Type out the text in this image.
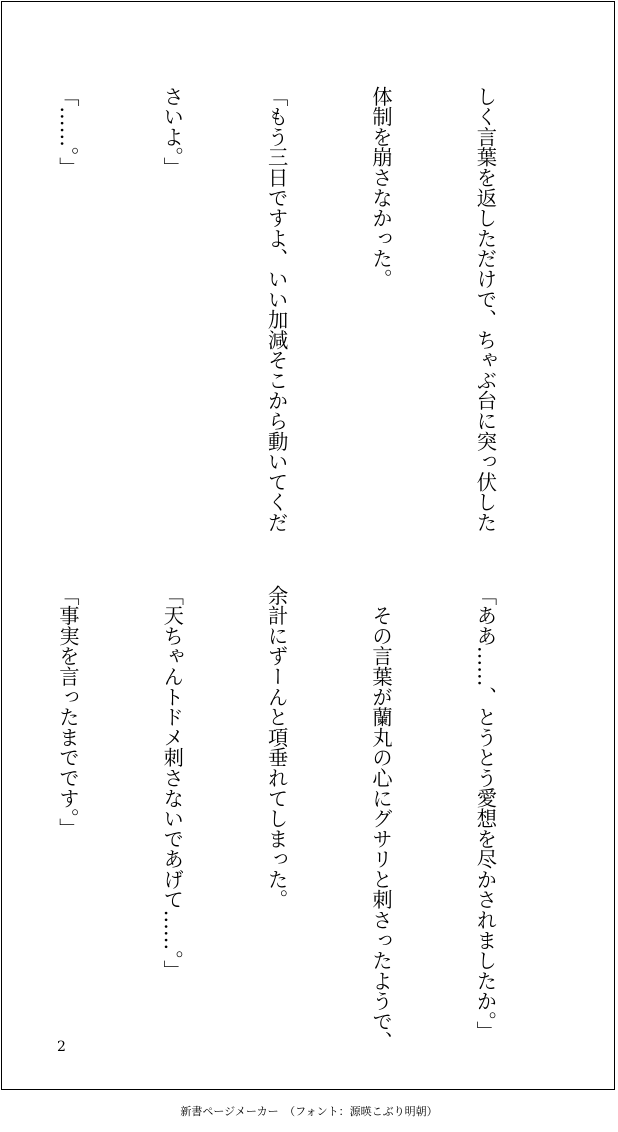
しく言葉を返しただけで、ちゃぶ台に突っ伏した

体制を崩さなかった。

「もう三日ですよ、いい加減そこから動いてくだ

さいよ。」

「……。」

「ああ……、とうとう愛想を尽かされましたか。」

　その言葉が蘭丸の心にグサリと刺さったようで、

余計にずーんと項垂れてしまった。

「天ちゃんトドメ刺さないであげて……。」

「事実を言ったまでです。」

2
新書ページメーカー　（フォント：源暎こぶり明朝）
